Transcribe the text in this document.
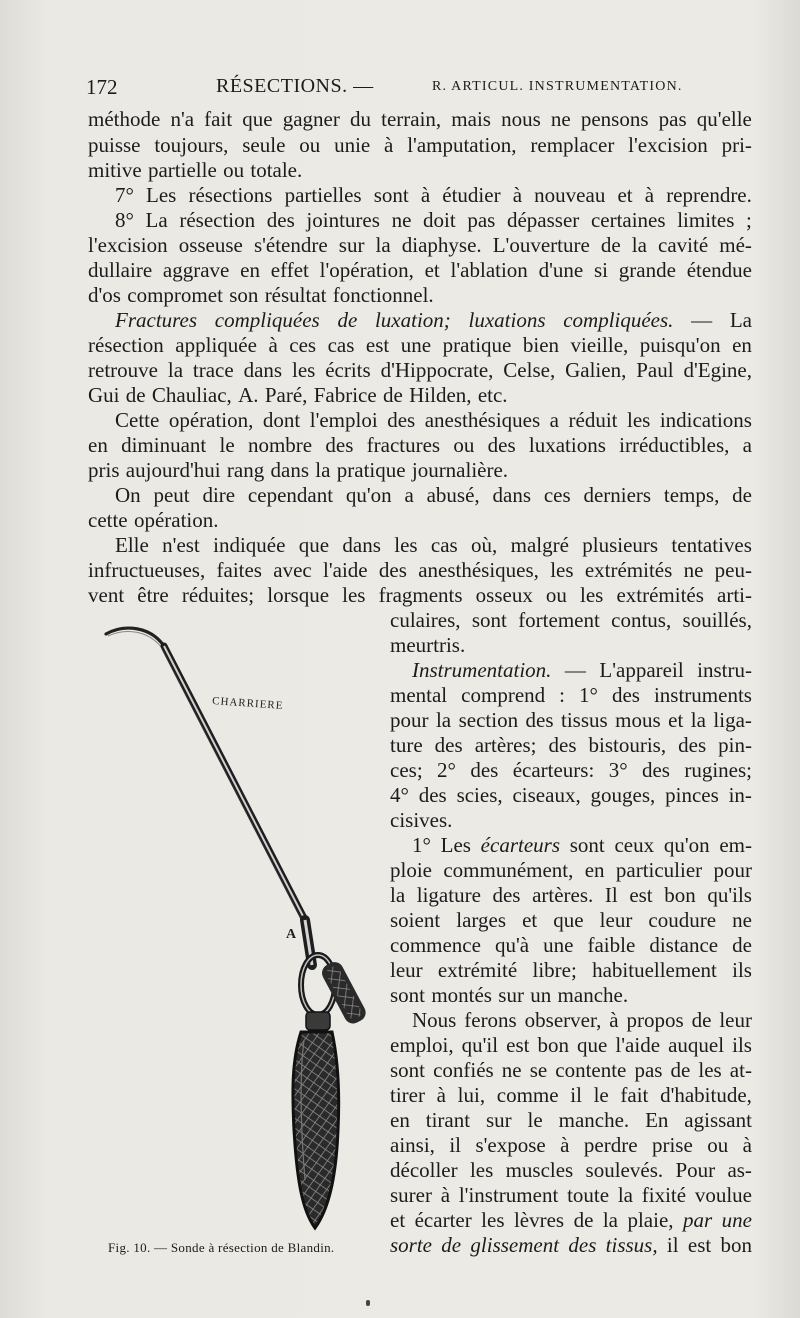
172	RÉSECTIONS. —	R. ARTICUL. INSTRUMENTATION.
méthode n'a fait que gagner du terrain, mais nous ne pensons pas qu'elle
puisse toujours, seule ou unie à l'amputation, remplacer l'excision pri-
mitive partielle ou totale.
7° Les résections partielles sont à étudier à nouveau et à reprendre.
8° La résection des jointures ne doit pas dépasser certaines limites ;
l'excision osseuse s'étendre sur la diaphyse. L'ouverture de la cavité mé-
dullaire aggrave en effet l'opération, et l'ablation d'une si grande étendue
d'os compromet son résultat fonctionnel.
Fractures compliquées de luxation; luxations compliquées. — La
résection appliquée à ces cas est une pratique bien vieille, puisqu'on en
retrouve la trace dans les écrits d'Hippocrate, Celse, Galien, Paul d'Egine,
Gui de Chauliac, A. Paré, Fabrice de Hilden, etc.
Cette opération, dont l'emploi des anesthésiques a réduit les indications
en diminuant le nombre des fractures ou des luxations irréductibles, a
pris aujourd'hui rang dans la pratique journalière.
On peut dire cependant qu'on a abusé, dans ces derniers temps, de
cette opération.
Elle n'est indiquée que dans les cas où, malgré plusieurs tentatives
infructueuses, faites avec l'aide des anesthésiques, les extrémités ne peu-
vent être réduites; lorsque les fragments osseux ou les extrémités arti-
culaires, sont fortement contus, souillés,
meurtris.
Instrumentation. — L'appareil instru-
mental comprend : 1° des instruments
pour la section des tissus mous et la liga-
ture des artères; des bistouris, des pin-
ces; 2° des écarteurs: 3° des rugines;
4° des scies, ciseaux, gouges, pinces in-
cisives.
1° Les écarteurs sont ceux qu'on em-
ploie communément, en particulier pour
la ligature des artères. Il est bon qu'ils
soient larges et que leur coudure ne
commence qu'à une faible distance de
leur extrémité libre; habituellement ils
sont montés sur un manche.
Nous ferons observer, à propos de leur
emploi, qu'il est bon que l'aide auquel ils
sont confiés ne se contente pas de les at-
tirer à lui, comme il le fait d'habitude,
en tirant sur le manche. En agissant
ainsi, il s'expose à perdre prise ou à
décoller les muscles soulevés. Pour as-
surer à l'instrument toute la fixité voulue
et écarter les lèvres de la plaie, par une
sorte de glissement des tissus, il est bon
CHARRIERE
A
Fig. 10. — Sonde à résection de Blandin.
